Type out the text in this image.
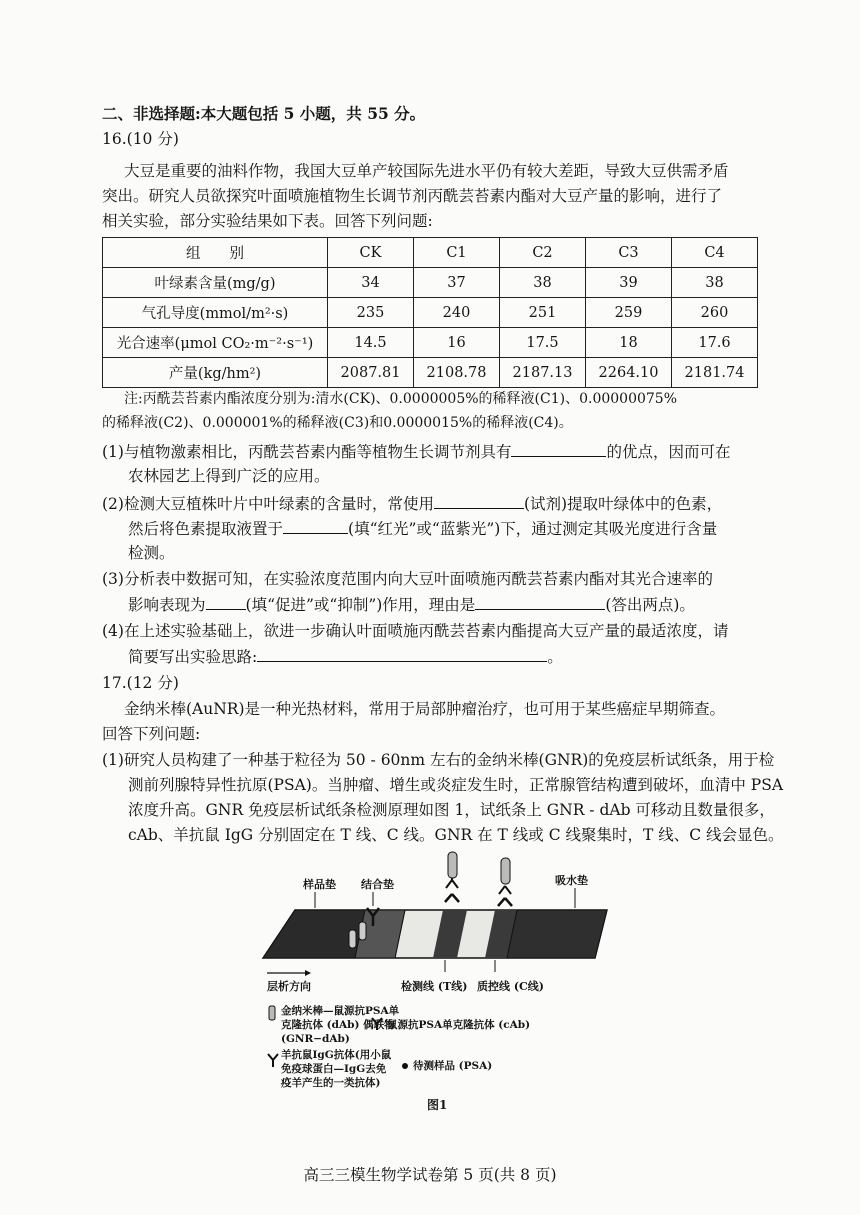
二、非选择题:本大题包括 5 小题，共 55 分。
16.(10 分)
大豆是重要的油料作物，我国大豆单产较国际先进水平仍有较大差距，导致大豆供需矛盾
突出。研究人员欲探究叶面喷施植物生长调节剂丙酰芸苔素内酯对大豆产量的影响，进行了
相关实验，部分实验结果如下表。回答下列问题:
组　　别	CK	C1	C2	C3	C4
叶绿素含量(mg/g)	34	37	38	39	38
气孔导度(mmol/m²·s)	235	240	251	259	260
光合速率(μmol CO₂·m⁻²·s⁻¹)	14.5	16	17.5	18	17.6
产量(kg/hm²)	2087.81	2108.78	2187.13	2264.10	2181.74
注:丙酰芸苔素内酯浓度分别为:清水(CK)、0.0000005%的稀释液(C1)、0.00000075%
的稀释液(C2)、0.000001%的稀释液(C3)和0.0000015%的稀释液(C4)。
(1)与植物激素相比，丙酰芸苔素内酯等植物生长调节剂具有	的优点，因而可在
农林园艺上得到广泛的应用。
(2)检测大豆植株叶片中叶绿素的含量时，常使用	(试剂)提取叶绿体中的色素，
然后将色素提取液置于	(填“红光”或“蓝紫光”)下，通过测定其吸光度进行含量
检测。
(3)分析表中数据可知，在实验浓度范围内向大豆叶面喷施丙酰芸苔素内酯对其光合速率的
影响表现为	(填“促进”或“抑制”)作用，理由是	(答出两点)。
(4)在上述实验基础上，欲进一步确认叶面喷施丙酰芸苔素内酯提高大豆产量的最适浓度，请
简要写出实验思路:	。
17.(12 分)
金纳米棒(AuNR)是一种光热材料，常用于局部肿瘤治疗，也可用于某些癌症早期筛查。
回答下列问题:
(1)研究人员构建了一种基于粒径为 50 - 60nm 左右的金纳米棒(GNR)的免疫层析试纸条，用于检
测前列腺特异性抗原(PSA)。当肿瘤、增生或炎症发生时，正常腺管结构遭到破坏，血清中 PSA
浓度升高。GNR 免疫层析试纸条检测原理如图 1，试纸条上 GNR - dAb 可移动且数量很多，
cAb、羊抗鼠 IgG 分别固定在 T 线、C 线。GNR 在 T 线或 C 线聚集时，T 线、C 线会显色。
样品垫 结合垫	吸水垫
层析方向	检测线 (T线) 质控线 (C线)
金纳米棒—鼠源抗PSA单
克隆抗体 (dAb) 偶联物
(GNR−dAb)
鼠源抗PSA单克隆抗体 (cAb)
羊抗鼠IgG抗体(用小鼠
免疫球蛋白—IgG去免
疫羊产生的一类抗体)
待测样品 (PSA)
图1
高三三模生物学试卷第 5 页(共 8 页)
